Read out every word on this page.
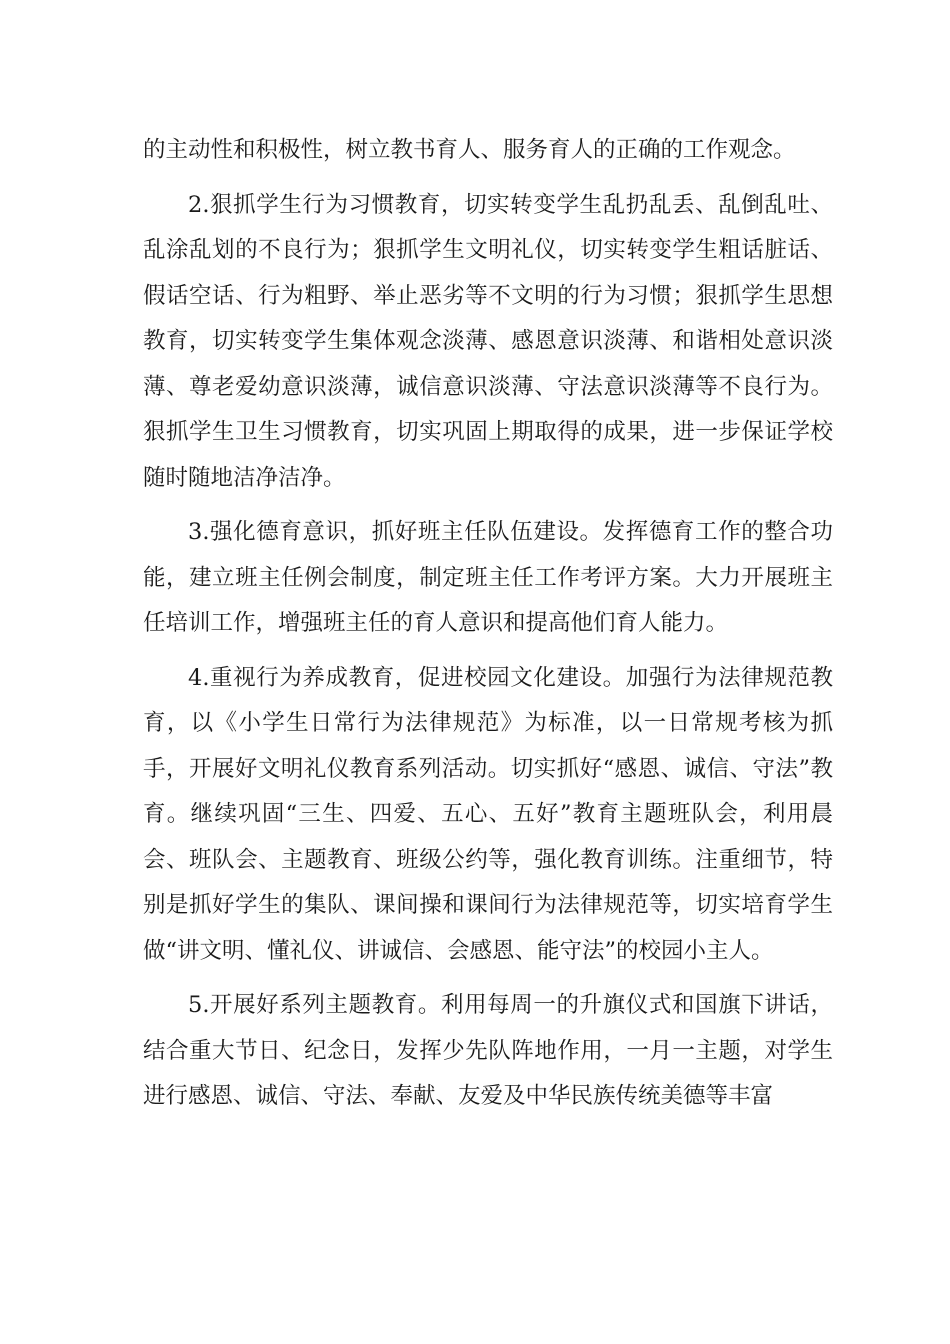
的主动性和积极性，树立教书育人、服务育人的正确的工作观念。

2.狠抓学生行为习惯教育，切实转变学生乱扔乱丢、乱倒乱吐、乱涂乱划的不良行为；狠抓学生文明礼仪，切实转变学生粗话脏话、假话空话、行为粗野、举止恶劣等不文明的行为习惯；狠抓学生思想教育，切实转变学生集体观念淡薄、感恩意识淡薄、和谐相处意识淡薄、尊老爱幼意识淡薄，诚信意识淡薄、守法意识淡薄等不良行为。狠抓学生卫生习惯教育，切实巩固上期取得的成果，进一步保证学校随时随地洁净洁净。

3.强化德育意识，抓好班主任队伍建设。发挥德育工作的整合功能，建立班主任例会制度，制定班主任工作考评方案。大力开展班主任培训工作，增强班主任的育人意识和提高他们育人能力。

4.重视行为养成教育，促进校园文化建设。加强行为法律规范教育，以《小学生日常行为法律规范》为标准，以一日常规考核为抓手，开展好文明礼仪教育系列活动。切实抓好“感恩、诚信、守法”教育。继续巩固“三生、四爱、五心、五好”教育主题班队会，利用晨会、班队会、主题教育、班级公约等，强化教育训练。注重细节，特别是抓好学生的集队、课间操和课间行为法律规范等，切实培育学生做“讲文明、懂礼仪、讲诚信、会感恩、能守法”的校园小主人。

5.开展好系列主题教育。利用每周一的升旗仪式和国旗下讲话，结合重大节日、纪念日，发挥少先队阵地作用，一月一主题，对学生进行感恩、诚信、守法、奉献、友爱及中华民族传统美德等丰富
